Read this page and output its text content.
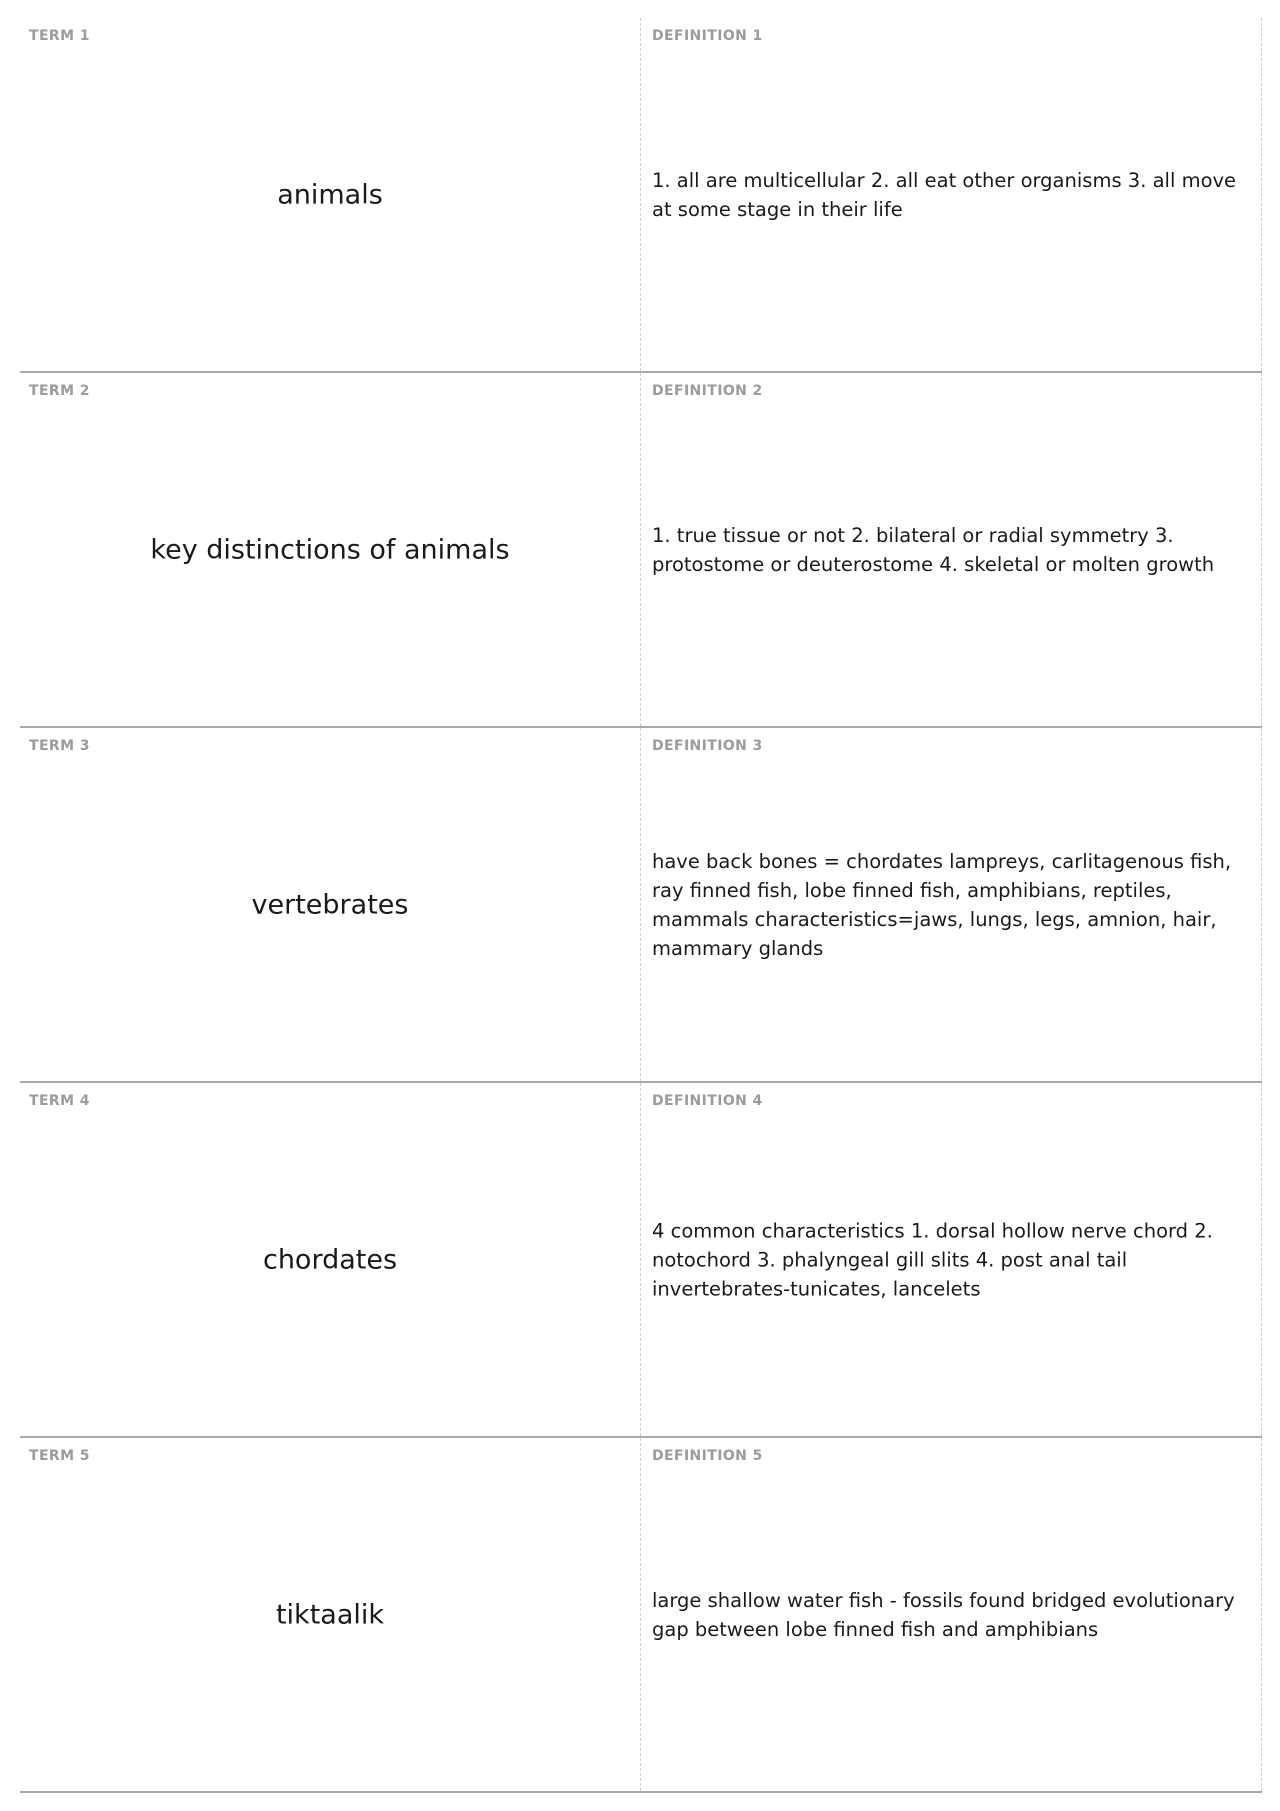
TERM 1
animals
DEFINITION 1
1. all are multicellular 2. all eat other organisms 3. all move at some stage in their life
TERM 2
key distinctions of animals
DEFINITION 2
1. true tissue or not 2. bilateral or radial symmetry 3. protostome or deuterostome 4. skeletal or molten growth
TERM 3
vertebrates
DEFINITION 3
have back bones = chordates lampreys, carlitagenous fish, ray finned fish, lobe finned fish, amphibians, reptiles, mammals characteristics=jaws, lungs, legs, amnion, hair, mammary glands
TERM 4
chordates
DEFINITION 4
4 common characteristics 1. dorsal hollow nerve chord 2. notochord 3. phalyngeal gill slits 4. post anal tail invertebrates-tunicates, lancelets
TERM 5
tiktaalik
DEFINITION 5
large shallow water fish - fossils found bridged evolutionary gap between lobe finned fish and amphibians
